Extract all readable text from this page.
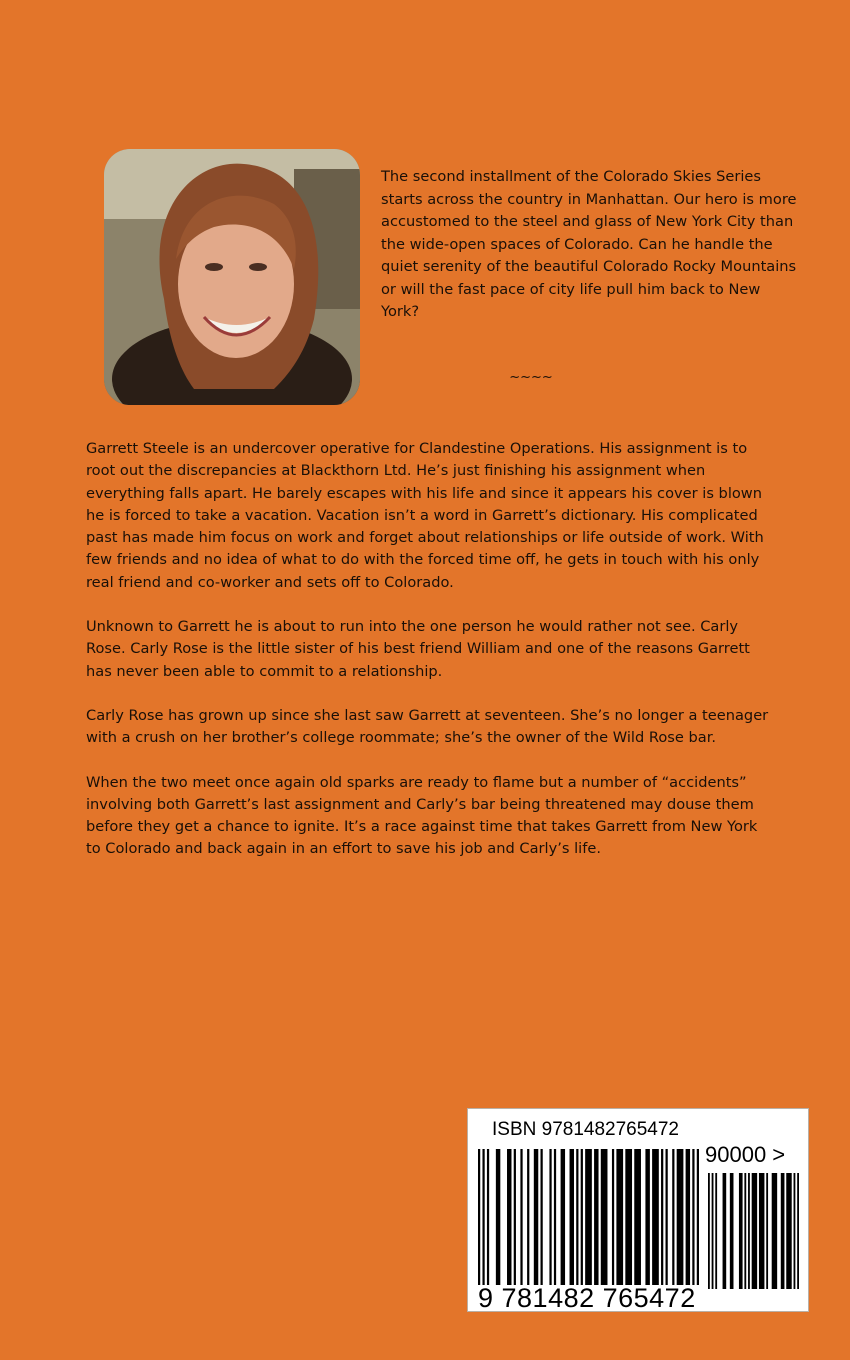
The second installment of the Colorado Skies Series starts across the country in Manhattan. Our hero is more accustomed to the steel and glass of New York City than the wide-open spaces of Colorado. Can he handle the quiet serenity of the beautiful Colorado Rocky Mountains or will the fast pace of city life pull him back to New York?

~~~~

Garrett Steele is an undercover operative for Clandestine Operations. His assignment is to root out the discrepancies at Blackthorn Ltd. He’s just finishing his assignment when everything falls apart. He barely escapes with his life and since it appears his cover is blown he is forced to take a vacation. Vacation isn’t a word in Garrett’s dictionary. His complicated past has made him focus on work and forget about relationships or life outside of work. With few friends and no idea of what to do with the forced time off, he gets in touch with his only real friend and co-worker and sets off to Colorado.

Unknown to Garrett he is about to run into the one person he would rather not see. Carly Rose. Carly Rose is the little sister of his best friend William and one of the reasons Garrett has never been able to commit to a relationship.

Carly Rose has grown up since she last saw Garrett at seventeen. She’s no longer a teenager with a crush on her brother’s college roommate; she’s the owner of the Wild Rose bar.

When the two meet once again old sparks are ready to flame but a number of “accidents” involving both Garrett’s last assignment and Carly’s bar being threatened may douse them before they get a chance to ignite. It’s a race against time that takes Garrett from New York to Colorado and back again in an effort to save his job and Carly’s life.

ISBN 9781482765472

90000 >
9 781482 765472
